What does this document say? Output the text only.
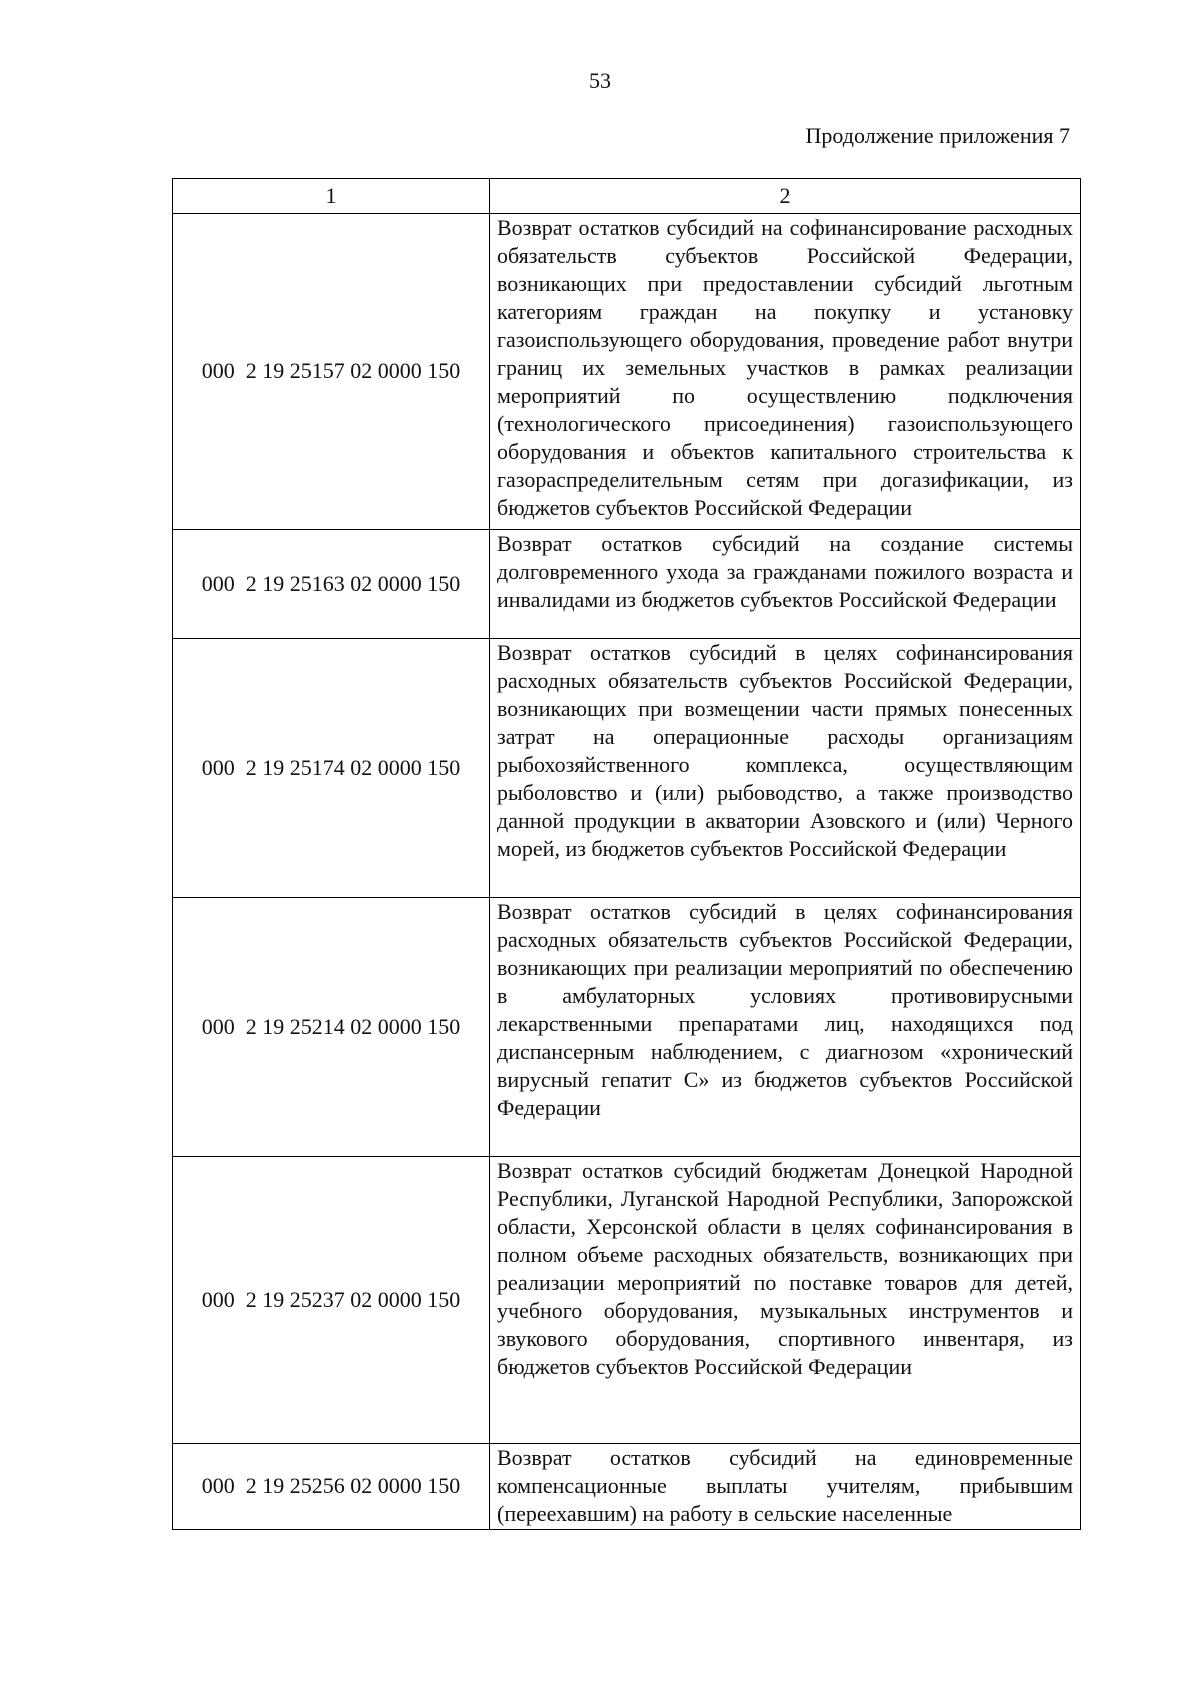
53
Продолжение приложения 7
1	2
000  2 19 25157 02 0000 150	Возврат остатков субсидий на софинансирование расходных обязательств субъектов Российской Федерации, возникающих при предоставлении субсидий льготным категориям граждан на покупку и установку газоиспользующего оборудования, проведение работ внутри границ их земельных участков в рамках реализации мероприятий по осуществлению подключения (технологического присоединения) газоиспользующего оборудования и объектов капитального строительства к газораспределительным сетям при догазификации, из бюджетов субъектов Российской Федерации
000  2 19 25163 02 0000 150	Возврат остатков субсидий на создание системы долговременного ухода за гражданами пожилого возраста и инвалидами из бюджетов субъектов Российской Федерации
000  2 19 25174 02 0000 150	Возврат остатков субсидий в целях софинансирования расходных обязательств субъектов Российской Федерации, возникающих при возмещении части прямых понесенных затрат на операционные расходы организациям рыбохозяйственного комплекса, осуществляющим рыболовство и (или) рыбоводство, а также производство данной продукции в акватории Азовского и (или) Черного морей, из бюджетов субъектов Российской Федерации
000  2 19 25214 02 0000 150	Возврат остатков субсидий в целях софинансирования расходных обязательств субъектов Российской Федерации, возникающих при реализации мероприятий по обеспечению в амбулаторных условиях противовирусными лекарственными препаратами лиц, находящихся под диспансерным наблюдением, с диагнозом «хронический вирусный гепатит С» из бюджетов субъектов Российской Федерации
000  2 19 25237 02 0000 150	Возврат остатков субсидий бюджетам Донецкой Народной Республики, Луганской Народной Республики, Запорожской области, Херсонской области в целях софинансирования в полном объеме расходных обязательств, возникающих при реализации мероприятий по поставке товаров для детей, учебного оборудования, музыкальных инструментов и звукового оборудования, спортивного инвентаря, из бюджетов субъектов Российской Федерации
000  2 19 25256 02 0000 150	Возврат остатков субсидий на единовременные компенсационные выплаты учителям, прибывшим (переехавшим) на работу в сельские населенные
